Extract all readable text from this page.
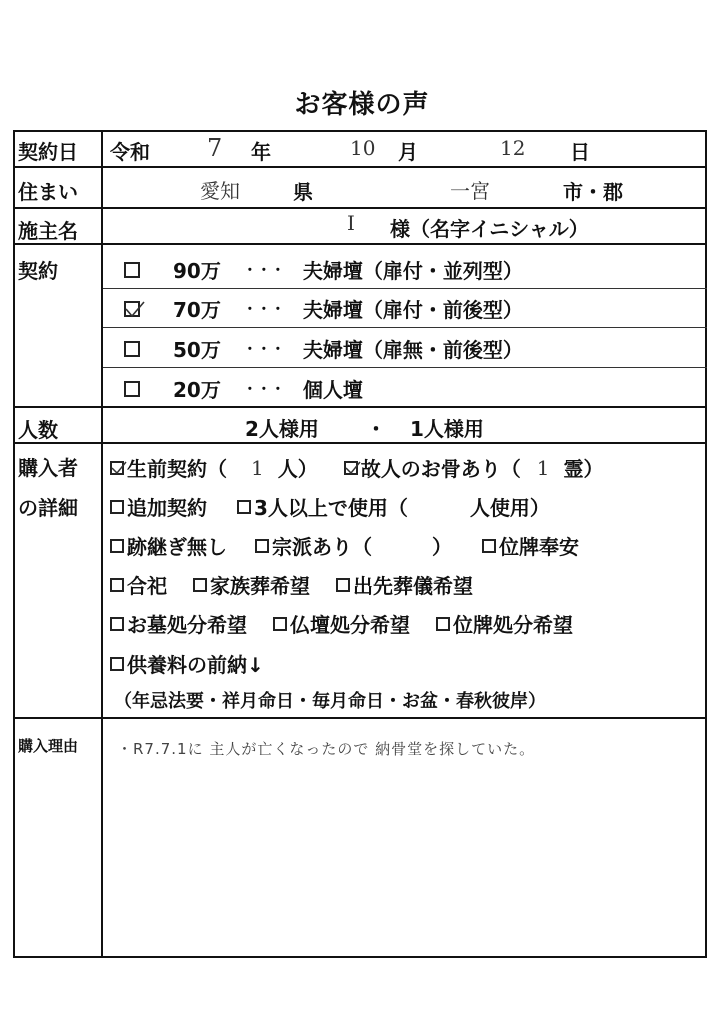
お客様の声
契約日 令和 7 年	10 月	12 日
住まい	愛知	県	一宮	市・郡
施主名	I 様（名字イニシャル）
契約	90万 ・・・ 夫婦壇（扉付・並列型）
70万 ・・・ 夫婦壇（扉付・前後型）
50万 ・・・ 夫婦壇（扉無・前後型）
20万 ・・・ 個人壇
人数	2人様用 ・ 1人様用
購入者
の詳細
生前契約（ 1 人） 故人のお骨あり（ 1 霊）
追加契約 3人以上で使用（	人使用）
跡継ぎ無し 宗派あり（	） 位牌奉安
合祀 家族葬希望 出先葬儀希望
お墓処分希望 仏壇処分希望 位牌処分希望
供養料の前納↓
（年忌法要・祥月命日・毎月命日・お盆・春秋彼岸）
購入理由	・R7.7.1に 主人が亡くなったので 納骨堂を探していた。
